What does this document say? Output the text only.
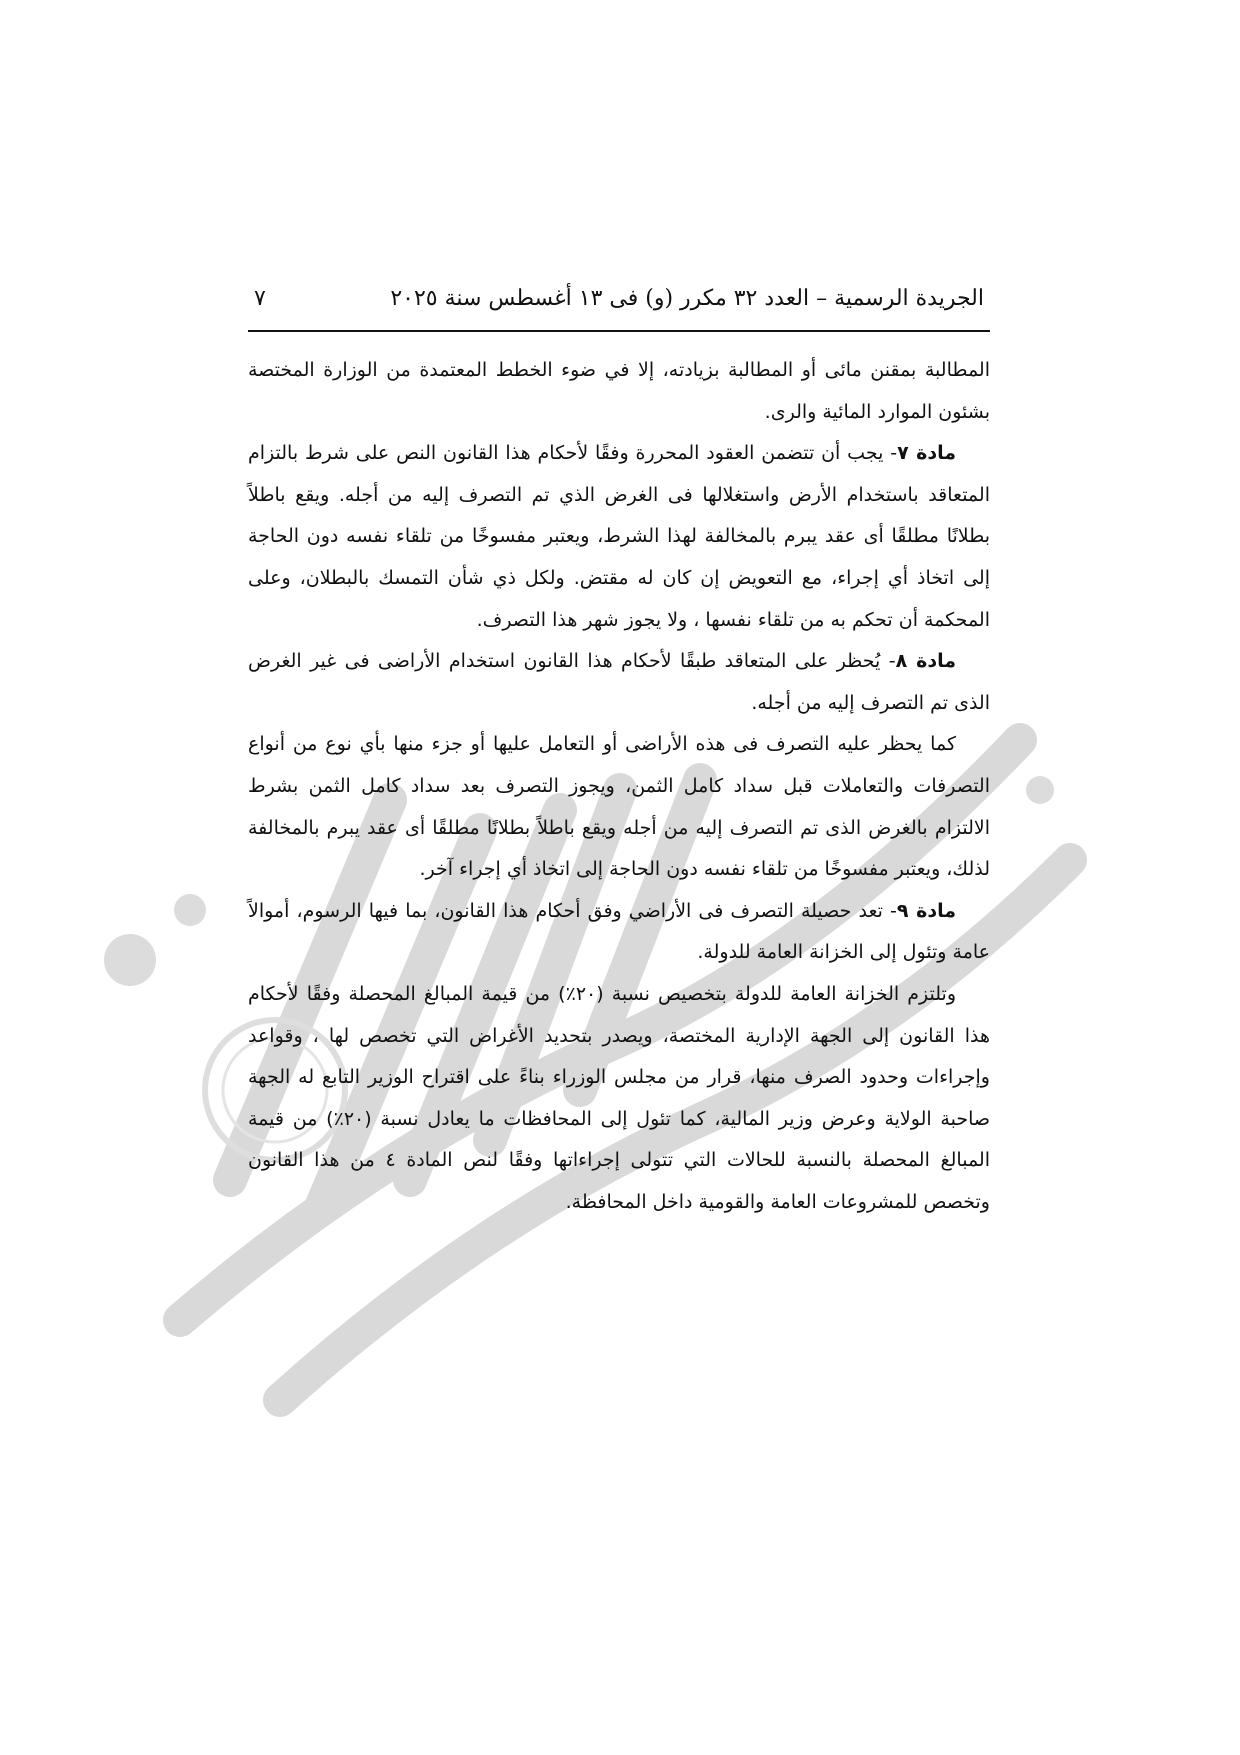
الجريدة الرسمية – العدد ٣٢ مكرر (و) فى ١٣ أغسطس سنة ٢٠٢٥
٧

المطالبة بمقنن مائى أو المطالبة بزيادته، إلا في ضوء الخطط المعتمدة من الوزارة المختصة بشئون الموارد المائية والرى.

مادة ٧- يجب أن تتضمن العقود المحررة وفقًا لأحكام هذا القانون النص على شرط بالتزام المتعاقد باستخدام الأرض واستغلالها فى الغرض الذي تم التصرف إليه من أجله. ويقع باطلاً بطلانًا مطلقًا أى عقد يبرم بالمخالفة لهذا الشرط، ويعتبر مفسوخًا من تلقاء نفسه دون الحاجة إلى اتخاذ أي إجراء، مع التعويض إن كان له مقتض. ولكل ذي شأن التمسك بالبطلان، وعلى المحكمة أن تحكم به من تلقاء نفسها ، ولا يجوز شهر هذا التصرف.

مادة ٨- يُحظر على المتعاقد طبقًا لأحكام هذا القانون استخدام الأراضى فى غير الغرض الذى تم التصرف إليه من أجله.

كما يحظر عليه التصرف فى هذه الأراضى أو التعامل عليها أو جزء منها بأي نوع من أنواع التصرفات والتعاملات قبل سداد كامل الثمن، ويجوز التصرف بعد سداد كامل الثمن بشرط الالتزام بالغرض الذى تم التصرف إليه من أجله ويقع باطلاً بطلانًا مطلقًا أى عقد يبرم بالمخالفة لذلك، ويعتبر مفسوخًا من تلقاء نفسه دون الحاجة إلى اتخاذ أي إجراء آخر.

مادة ٩- تعد حصيلة التصرف فى الأراضي وفق أحكام هذا القانون، بما فيها الرسوم، أموالاً عامة وتئول إلى الخزانة العامة للدولة.

وتلتزم الخزانة العامة للدولة بتخصيص نسبة (٢٠٪) من قيمة المبالغ المحصلة وفقًا لأحكام هذا القانون إلى الجهة الإدارية المختصة، ويصدر بتحديد الأغراض التي تخصص لها ، وقواعد وإجراءات وحدود الصرف منها، قرار من مجلس الوزراء بناءً على اقتراح الوزير التابع له الجهة صاحبة الولاية وعرض وزير المالية، كما تئول إلى المحافظات ما يعادل نسبة (٢٠٪) من قيمة المبالغ المحصلة بالنسبة للحالات التي تتولى إجراءاتها وفقًا لنص المادة ٤ من هذا القانون وتخصص للمشروعات العامة والقومية داخل المحافظة.
